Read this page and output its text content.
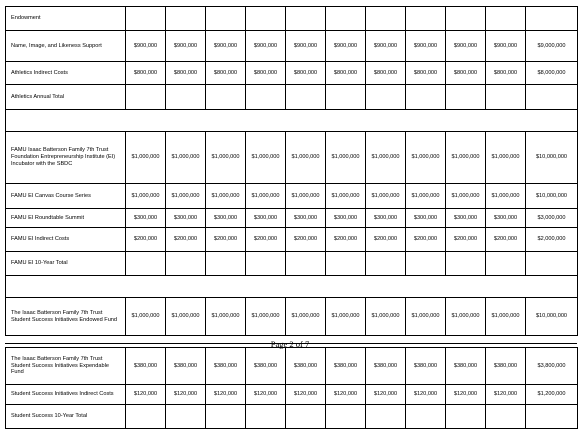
Endowment											
Name, Image, and Likeness Support	$900,000	$900,000	$900,000	$900,000	$900,000	$900,000	$900,000	$900,000	$900,000	$900,000	$9,000,000
Athletics Indirect Costs	$800,000	$800,000	$800,000	$800,000	$800,000	$800,000	$800,000	$800,000	$800,000	$800,000	$8,000,000
Athletics Annual Total											

FAMU Isaac Batterson Family 7th Trust Foundation Entrepreneurship Institute (EI) Incubator with the SBDC	$1,000,000	$1,000,000	$1,000,000	$1,000,000	$1,000,000	$1,000,000	$1,000,000	$1,000,000	$1,000,000	$1,000,000	$10,000,000
FAMU EI Canvas Course Series	$1,000,000	$1,000,000	$1,000,000	$1,000,000	$1,000,000	$1,000,000	$1,000,000	$1,000,000	$1,000,000	$1,000,000	$10,000,000
FAMU EI Roundtable Summit	$300,000	$300,000	$300,000	$300,000	$300,000	$300,000	$300,000	$300,000	$300,000	$300,000	$3,000,000
FAMU EI Indirect Costs	$200,000	$200,000	$200,000	$200,000	$200,000	$200,000	$200,000	$200,000	$200,000	$200,000	$2,000,000
FAMU EI 10-Year Total											

The Isaac Batterson Family 7th Trust Student Success Initiatives Endowed Fund	$1,000,000	$1,000,000	$1,000,000	$1,000,000	$1,000,000	$1,000,000	$1,000,000	$1,000,000	$1,000,000	$1,000,000	$10,000,000
Page 2 of 7
The Isaac Batterson Family 7th Trust Student Success Initiatives Expendable Fund	$380,000	$380,000	$380,000	$380,000	$380,000	$380,000	$380,000	$380,000	$380,000	$380,000	$3,800,000
Student Success Initiatives Indirect Costs	$120,000	$120,000	$120,000	$120,000	$120,000	$120,000	$120,000	$120,000	$120,000	$120,000	$1,200,000
Student Success 10-Year Total											
